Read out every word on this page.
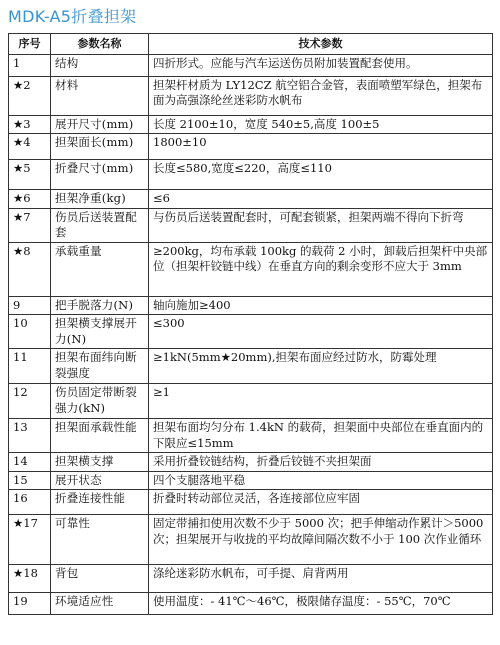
MDK-A5折叠担架
序号	参数名称	技术参数
1	结构	四折形式。应能与汽车运送伤员附加装置配套使用。
★2	材料	担架杆材质为 LY12CZ 航空铝合金管，表面喷塑军绿色，担架布面为高强涤纶丝迷彩防水帆布
★3	展开尺寸(mm)	长度 2100±10，宽度 540±5,高度 100±5
★4	担架面长(mm)	1800±10
★5	折叠尺寸(mm)	长度≤580,宽度≤220，高度≤110
★6	担架净重(kg)	≤6
★7	伤员后送装置配套	与伤员后送装置配套时，可配套锁紧，担架两端不得向下折弯
★8	承载重量	≥200kg，均布承载 100kg 的载荷 2 小时，卸载后担架杆中央部位（担架杆铰链中线）在垂直方向的剩余变形不应大于 3mm
9	把手脱落力(N)	轴向施加≥400
10	担架横支撑展开力(N)	≤300
11	担架布面纬向断裂强度	≥1kN(5mm★20mm),担架布面应经过防水，防霉处理
12	伤员固定带断裂强力(kN)	≥1
13	担架面承载性能	担架布面均匀分布 1.4kN 的载荷，担架面中央部位在垂直面内的下限应≤15mm
14	担架横支撑	采用折叠铰链结构，折叠后铰链不夹担架面
15	展开状态	四个支腿落地平稳
16	折叠连接性能	折叠时转动部位灵活，各连接部位应牢固
★17	可靠性	固定带捕扣使用次数不少于 5000 次；把手伸缩动作累计＞5000 次；担架展开与收拢的平均故障间隔次数不小于 100 次作业循环
★18	背包	涤纶迷彩防水帆布，可手提、肩背两用
19	环境适应性	使用温度：- 41℃～46℃，极限储存温度：- 55℃，70℃
